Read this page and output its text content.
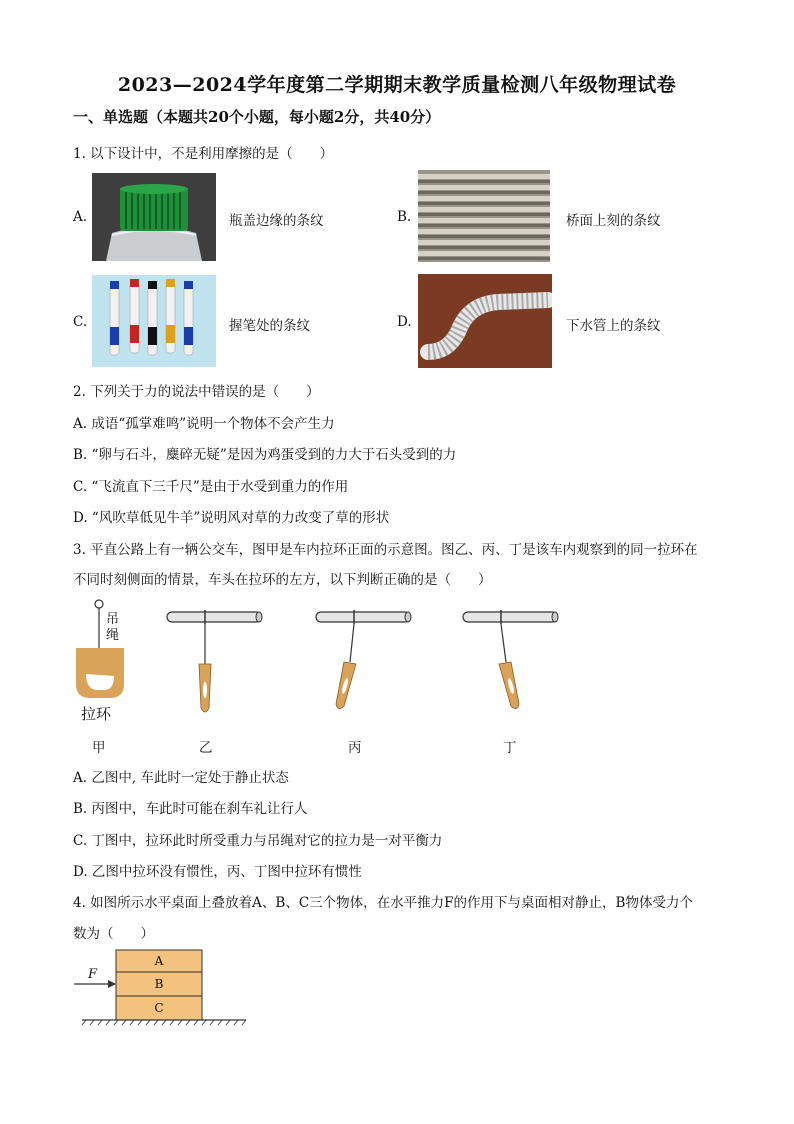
2023—2024学年度第二学期期末教学质量检测八年级物理试卷
一、单选题（本题共20个小题，每小题2分，共40分）
1. 以下设计中，不是利用摩擦的是（　　）
A.	瓶盖边缘的条纹	B.	桥面上刻的条纹
C.	握笔处的条纹	D.	下水管上的条纹
2. 下列关于力的说法中错误的是（　　）
A. 成语“孤掌难鸣”说明一个物体不会产生力
B. “卵与石斗，麋碎无疑”是因为鸡蛋受到的力大于石头受到的力
C. “飞流直下三千尺”是由于水受到重力的作用
D. “风吹草低见牛羊”说明风对草的力改变了草的形状
3. 平直公路上有一辆公交车，图甲是车内拉环正面的示意图。图乙、丙、丁是该车内观察到的同一拉环在
不同时刻侧面的情景，车头在拉环的左方，以下判断正确的是（　　）
吊
绳
拉环
甲	乙	丙	丁
A. 乙图中, 车此时一定处于静止状态
B. 丙图中，车此时可能在刹车礼让行人
C. 丁图中，拉环此时所受重力与吊绳对它的拉力是一对平衡力
D. 乙图中拉环没有惯性，丙、丁图中拉环有惯性
4. 如图所示水平桌面上叠放着A、B、C三个物体，在水平推力F的作用下与桌面相对静止，B物体受力个
数为（　　）
F
A
B
C
